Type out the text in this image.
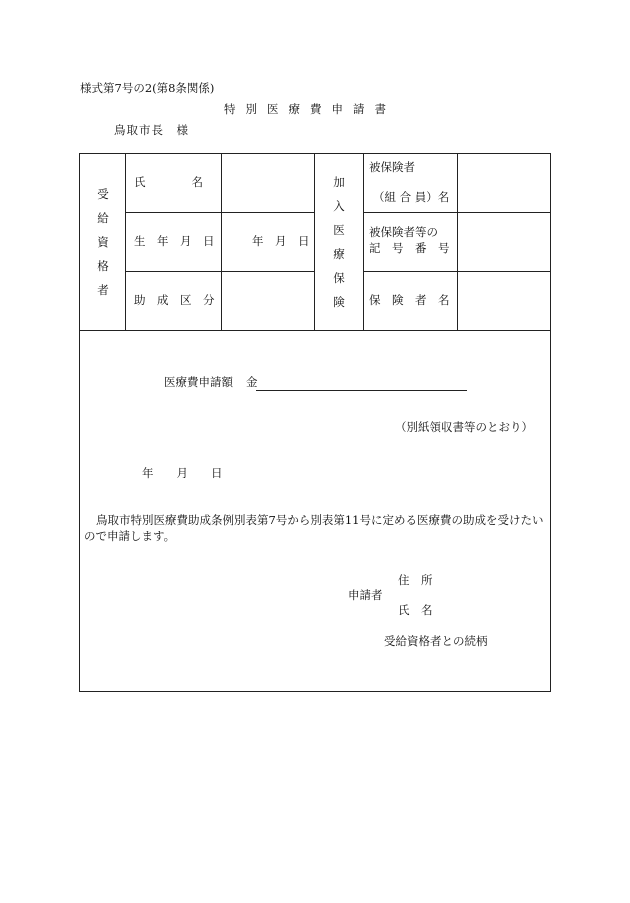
様式第7号の2(第8条関係)
特別医療費申請書
鳥取市長　様
受
給
資
格
者
加
入
医
療
保
険
氏　　　　名
生　年　月　日	年　月　日
助　成　区　分
被保険者
（組 合 員）名
被保険者等の
記　号　番　号
保　険　者　名
医療費申請額 金
（別紙領収書等のとおり）
年　　月　　日
鳥取市特別医療費助成条例別表第7号から別表第11号に定める医療費の助成を受けたい
ので申請します。
住　所
申請者
氏　名
受給資格者との続柄
